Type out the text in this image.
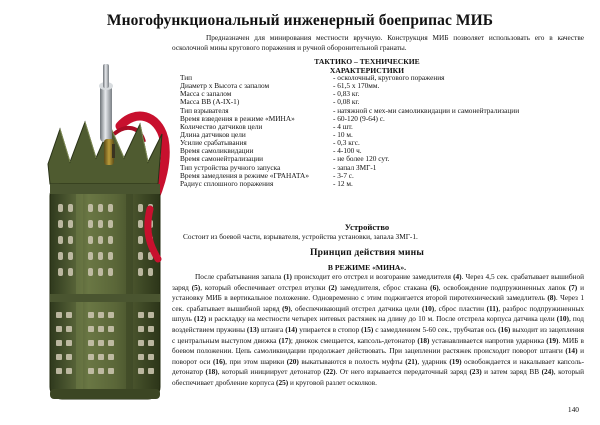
Многофункциональный инженерный боеприпас МИБ
Предназначен для минирования местности вручную. Конструкция МИБ позволяет использовать его в качестве осколочной мины кругового поражения и ручной оборонительной гранаты.
ТАКТИКО – ТЕХНИЧЕСКИЕ
ХАРАКТЕРИСТИКИ
Тип	- осколочный, кругового поражения
Диаметр х Высота с запалом	- 61,5 х 170мм.
Масса с запалом	- 0,83 кг.
Масса ВВ (А-IX-1)	- 0,08 кг.
Тип взрывателя	- натяжной с мех-ми самоликвидации и самонейтрализации
Время взведения в режиме «МИНА»	- 60-120 (9-64) с.
Количество датчиков цели	- 4 шт.
Длина датчиков цели	- 10 м.
Усилие срабатывания	- 0,3 кгс.
Время самоликвидации	- 4-100 ч.
Время самонейтрализации	- не более 120 сут.
Тип устройства ручного запуска	- запал ЗМГ-1
Время замедления в режиме «ГРАНАТА»	- 3-7 с.
Радиус сплошного поражения	- 12 м.
Устройство
Состоит из боевой части, взрывателя, устройства установки, запала ЗМГ-1.
Принцип действия мины
В РЕЖИМЕ «МИНА».
После срабатывания запала (1) происходит его отстрел и возгорание замедлителя (4). Через 4,5 сек. срабатывает вышибной заряд (5), который обеспечивает отстрел втулки (2) замедлителя, сброс стакана (6), освобождение подпружиненных лапок (7) и установку МИБ в вертикальное положение. Одновременно с этим поджигается второй пиротехнический замедлитель (8). Через 1 сек. срабатывает вышибной заряд (9), обеспечивающий отстрел датчика цели (10), сброс пластин (11), разброс подпружиненных шпуль (12) и раскладку на местности четырех нитевых растяжек на длину до 10 м. После отстрела корпуса датчика цели (10), под воздействием пружины (13) штанга (14) упирается в стопор (15) с замедлением 5-60 сек., трубчатая ось (16) выходит из зацепления с центральным выступом движка (17); движок смещается, капсоль-детонатор (18) устанавливается напротив ударника (19). МИБ в боевом положении. Цепь самоликвидации продолжает действовать. При зацеплении растяжек происходит поворот штанги (14) и поворот оси (16), при этом шарики (20) выкатываются в полость муфты (21), ударник (19) освобождается и накалывает капсоль-детонатор (18), который инициирует детонатор (22). От него взрывается передаточный заряд (23) и затем заряд ВВ (24), который обеспечивает дробление корпуса (25) и круговой разлет осколков.
140
